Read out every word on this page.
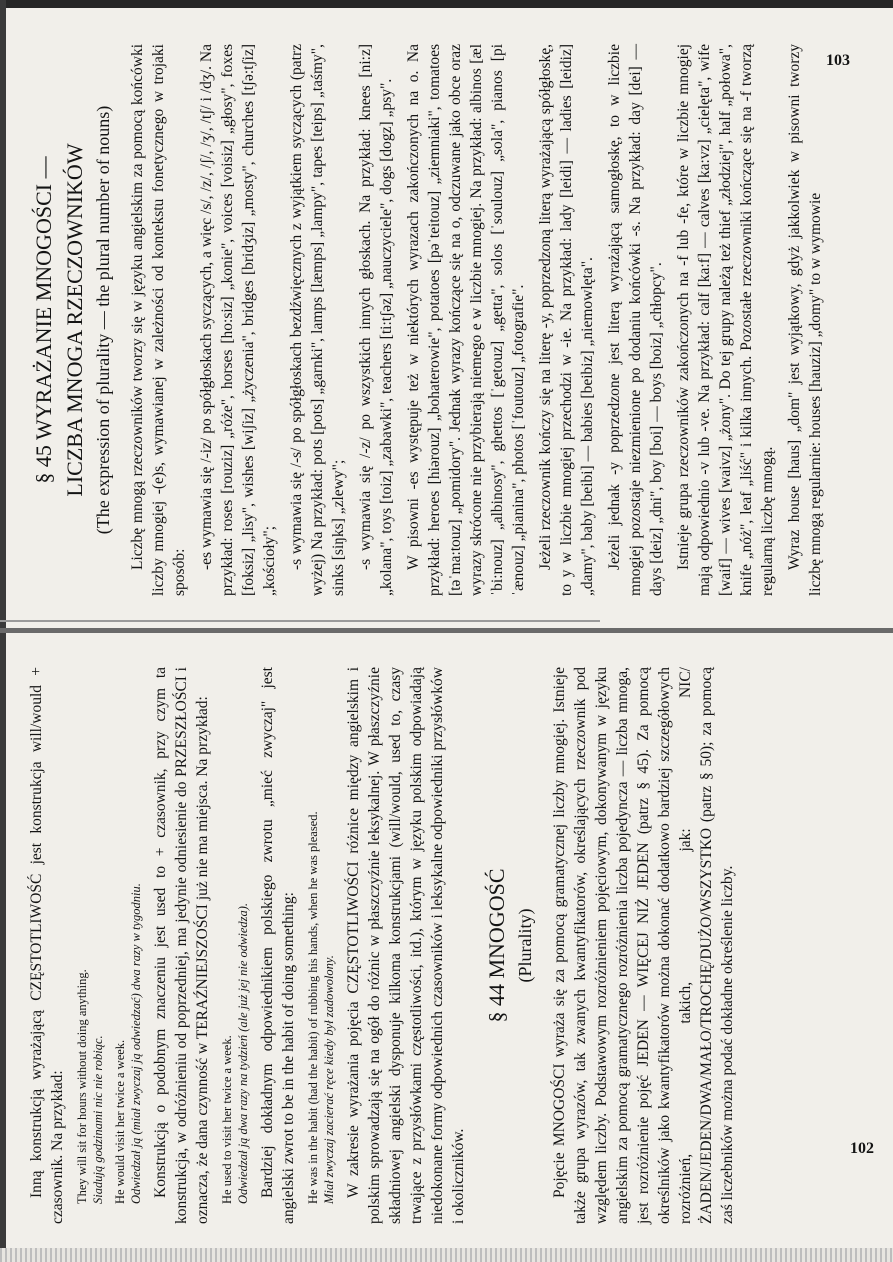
§ 45 WYRAŻANIE MNOGOŚCI — LICZBA MNOGA RZECZOWNIKÓW (The expression of plurality — the plural number of nouns) Liczbę mnogą rzeczowników tworzy się w języku angielskim za pomocą końcówki liczby mnogiej -(e)s, wymawianej w zależności od kontekstu fonetycznego w trojaki sposób:

-es wymawia się /-iz/ po spółgłoskach syczących, a więc /s/, /z/, /ʃ/, /ʒ/, /tʃ/ i /dʒ/. Na przykład: roses [rouziz] „róże", horses [ho:siz] „konie", voices [voisiz] „głosy", foxes [foksiz] „lisy", wishes [wiʃiz] „życzenia", bridges [bridʒiz] „mosty", churches [tʃə:tʃiz] „kościoły"; -s wymawia się /-s/ po spółgłoskach bezdźwięcznych z wyjątkiem syczących (patrz wyżej) Na przykład: pots [pots] „garnki", lamps [læmps] „lampy", tapes [teips] „taśmy", sinks [siŋks] „zlewy"; -s wymawia się /-z/ po wszystkich innych głoskach. Na przykład: knees [ni:z] „kolana", toys [toiz] „zabawki", teachers [ti:tʃəz] „nauczyciele", dogs [dogz] „psy". W pisowni -es występuje też w niektórych wyrazach zakończonych na o. Na przykład: heroes [hiərouz] „bohaterowie", potatoes [pəˈteitouz] „ziemniaki", tomatoes [təˈma:touz] „pomidory". Jednak wyrazy kończące się na o, odczuwane jako obce oraz wyrazy skrócone nie przybierają niemego e w liczbie mnogiej. Na przykład: albinos [ælˈbi:nouz] „albinosy", ghettos [ˈgetouz] „getta", solos [ˈsoulouz] „sola", pianos [piˈænouz] „pianina", photos [ˈfoutouz] „fotografie". Jeżeli rzeczownik kończy się na literę -y, poprzedzoną literą wyrażającą spółgłoskę, to y w liczbie mnogiej przechodzi w -ie. Na przykład: lady [leidi] — ladies [leidiz] „damy", baby [beibi] — babies [beibiz] „niemowlęta". Jeżeli jednak -y poprzedzone jest literą wyrażającą samogłoskę, to w liczbie mnogiej pozostaje niezmienione po dodaniu końcówki -s. Na przykład: day [dei] — days [deiz] „dni", boy [boi] — boys [boiz] „chłopcy". Istnieje grupa rzeczowników zakończonych na -f lub -fe, które w liczbie mnogiej mają odpowiednio -v lub -ve. Na przykład: calf [ka:f] — calves [ka:vz] „cielęta", wife [waif] — wives [waivz] „żony". Do tej grupy należą też thief „złodziej", half „połowa", knife „nóż", leaf „liść" i kilka innych. Pozostałe rzeczowniki kończące się na -f tworzą regularną liczbę mnogą. Wyraz house [haus] „dom" jest wyjątkowy, gdyż jakkolwiek w pisowni tworzy liczbę mnogą regularnie: houses [hauziz] „domy" to w wymowie

103

Inną konstrukcją wyrażającą CZĘSTOTLIWOŚĆ jest konstrukcja will/would + czasownik. Na przykład: They will sit for hours without doing anything. Siadują godzinami nic nie robiąc. He would visit her twice a week. Odwiedzał ją (miał zwyczaj ją odwiedzać) dwa razy w tygodniu. Konstrukcją o podobnym znaczeniu jest used to + czasownik, przy czym ta konstrukcja, w odróżnieniu od poprzedniej, ma jedynie odniesienie do PRZESZŁOŚCI i oznacza, że dana czynność w TERAŹNIEJSZOŚCI już nie ma miejsca. Na przykład: He used to visit her twice a week. Odwiedzał ją dwa razy na tydzień (ale już jej nie odwiedza). Bardziej dokładnym odpowiednikiem polskiego zwrotu „mieć zwyczaj" jest angielski zwrot to be in the habit of doing something: He was in the habit (had the habit) of rubbing his hands, when he was pleased. Miał zwyczaj zacierać ręce kiedy był zadowolony. W zakresie wyrażania pojęcia CZĘSTOTLIWOŚCI różnice między angielskim i polskim sprowadzają się na ogół do różnic w płaszczyźnie leksykalnej. W płaszczyźnie składniowej angielski dysponuje kilkoma konstrukcjami (will/would, used to, czasy trwające z przysłówkami częstotliwości, itd.), którym w języku polskim odpowiadają niedokonane formy odpowiednich czasowników i leksykalne odpowiedniki przysłówków i okoliczników.

§ 44 MNOGOŚĆ (Plurality) Pojęcie MNOGOŚCI wyraża się za pomocą gramatycznej liczby mnogiej. Istnieje także grupa wyrazów, tak zwanych kwantyfikatorów, określających rzeczownik pod względem liczby. Podstawowym rozróżnieniem pojęciowym, dokonywanym w języku angielskim za pomocą gramatycznego rozróżnienia liczba pojedyncza — liczba mnoga, jest rozróżnienie pojęć JEDEN — WIĘCEJ NIŻ JEDEN (patrz § 45). Za pomocą określników jako kwantyfikatorów można dokonać dodatkowo bardziej szczegółowych rozróżnień, takich, jak: NIC/ŻADEN/JEDEN/DWA/MAŁO/TROCHĘ/DUŻO/WSZYSTKO (patrz § 50); za pomocą zaś liczebników można podać dokładne określenie liczby.	102
